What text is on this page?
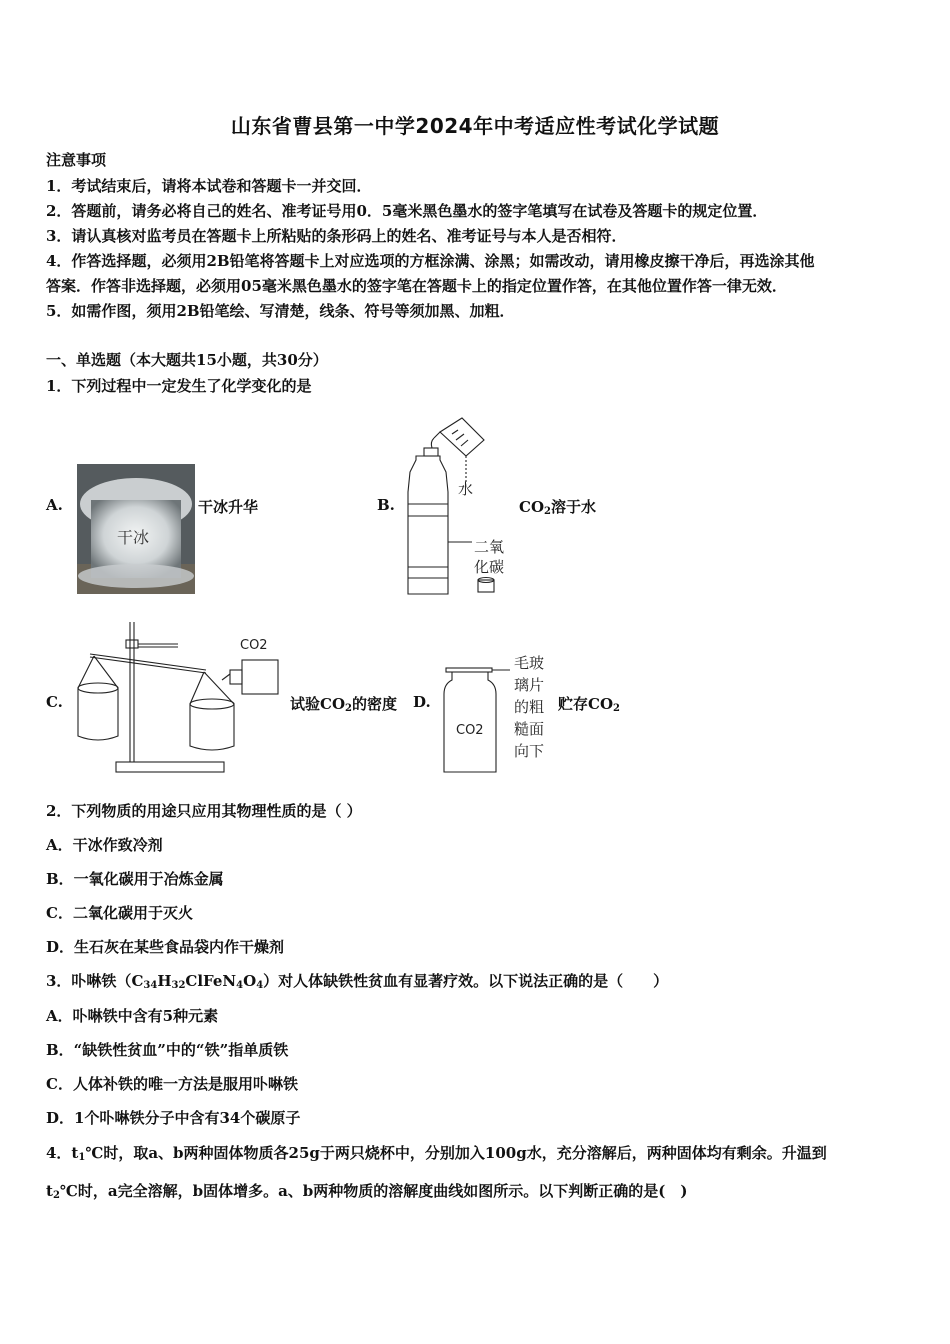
山东省曹县第一中学2024年中考适应性考试化学试题
注意事项
1．考试结束后，请将本试卷和答题卡一并交回．
2．答题前，请务必将自己的姓名、准考证号用0．5毫米黑色墨水的签字笔填写在试卷及答题卡的规定位置．
3．请认真核对监考员在答题卡上所粘贴的条形码上的姓名、准考证号与本人是否相符．
4．作答选择题，必须用2B铅笔将答题卡上对应选项的方框涂满、涂黑；如需改动，请用橡皮擦干净后，再选涂其他
答案．作答非选择题，必须用05毫米黑色墨水的签字笔在答题卡上的指定位置作答，在其他位置作答一律无效．
5．如需作图，须用2B铅笔绘、写清楚，线条、符号等须加黑、加粗．
一、单选题（本大题共15小题，共30分）
1．下列过程中一定发生了化学变化的是
A.
干冰
干冰升华	B.
水
二氧
化碳
$CO_2$溶于水
C.
CO2
试验$CO_2$的密度 D.
CO2
毛玻
璃片
的粗
糙面
向下
贮存$CO_2$
2．下列物质的用途只应用其物理性质的是（ ）
A．干冰作致冷剂
B．一氧化碳用于冶炼金属
C．二氧化碳用于灭火
D．生石灰在某些食品袋内作干燥剂
3．卟啉铁$(C_{34}H_{32}ClFeN_4O_4)$对人体缺铁性贫血有显著疗效。以下说法正确的是（　　）
A．卟啉铁中含有5种元素
B．“缺铁性贫血”中的“铁”指单质铁
C．人体补铁的唯一方法是服用卟啉铁
D．1个卟啉铁分子中含有34个碳原子
4．$t_1℃$时，取a、b两种固体物质各25g于两只烧杯中，分别加入100g水，充分溶解后，两种固体均有剩余。升温到
$t_2℃$时，a完全溶解，b固体增多。a、b两种物质的溶解度曲线如图所示。以下判断正确的是(　)
